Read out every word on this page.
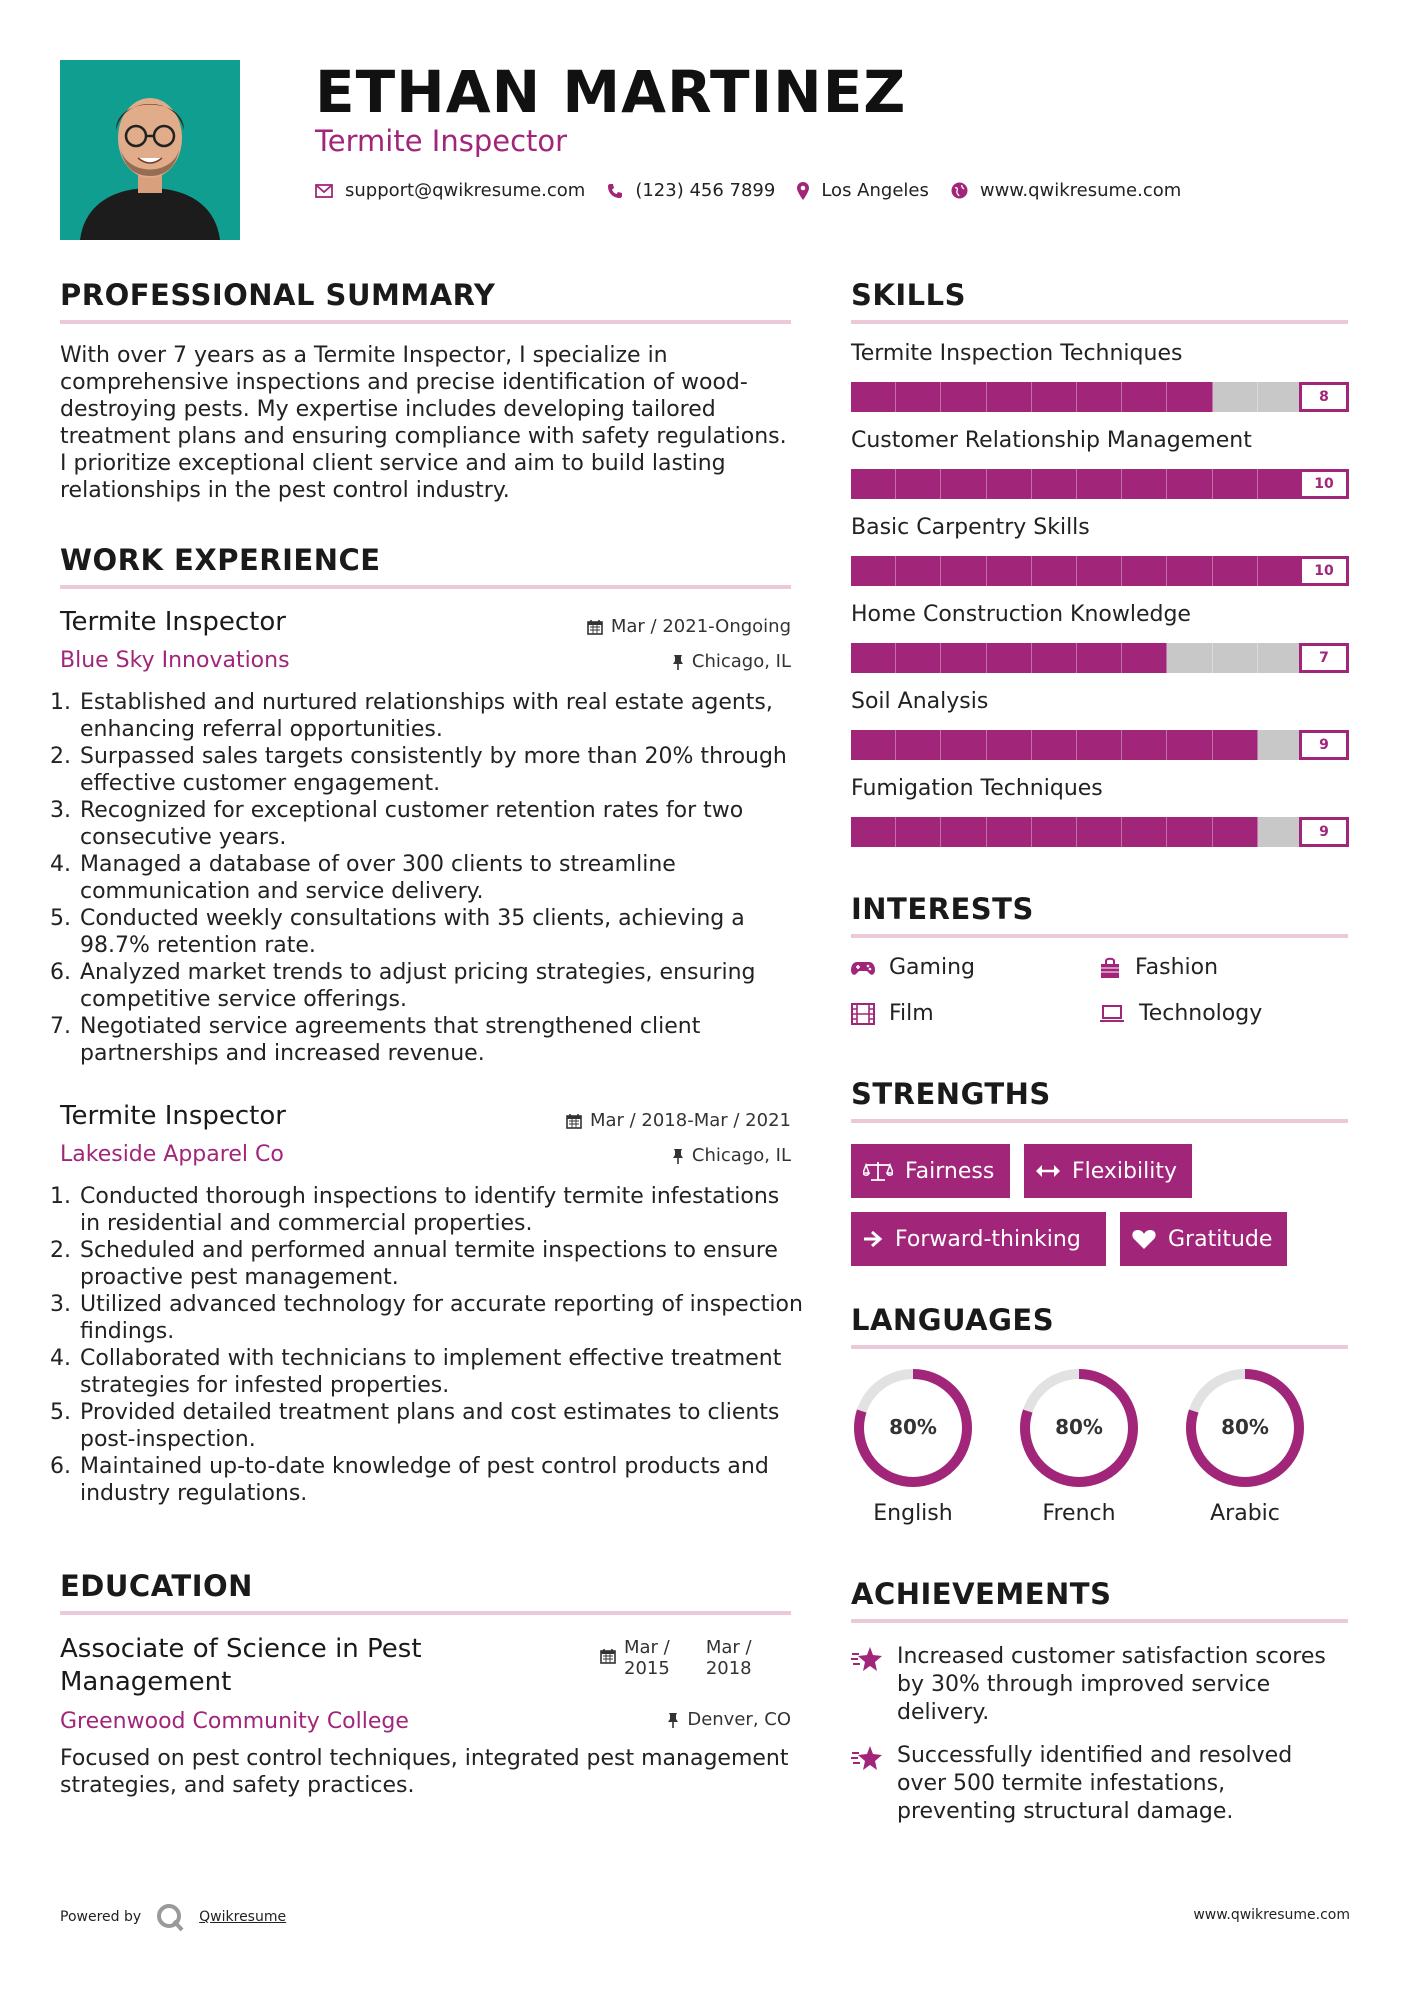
ETHAN MARTINEZ
Termite Inspector
support@qwikresume.com	(123) 456 7899	Los Angeles	www.qwikresume.com
PROFESSIONAL SUMMARY
With over 7 years as a Termite Inspector, I specialize in comprehensive inspections and precise identification of wood-destroying pests. My expertise includes developing tailored treatment plans and ensuring compliance with safety regulations. I prioritize exceptional client service and aim to build lasting relationships in the pest control industry.
WORK EXPERIENCE
Termite Inspector	Mar / 2021-Ongoing
Blue Sky Innovations	Chicago, IL
1. Established and nurtured relationships with real estate agents, enhancing referral opportunities.
2. Surpassed sales targets consistently by more than 20% through effective customer engagement.
3. Recognized for exceptional customer retention rates for two consecutive years.
4. Managed a database of over 300 clients to streamline communication and service delivery.
5. Conducted weekly consultations with 35 clients, achieving a 98.7% retention rate.
6. Analyzed market trends to adjust pricing strategies, ensuring competitive service offerings.
7. Negotiated service agreements that strengthened client partnerships and increased revenue.
Termite Inspector	Mar / 2018-Mar / 2021
Lakeside Apparel Co	Chicago, IL
1. Conducted thorough inspections to identify termite infestations in residential and commercial properties.
2. Scheduled and performed annual termite inspections to ensure proactive pest management.
3. Utilized advanced technology for accurate reporting of inspection findings.
4. Collaborated with technicians to implement effective treatment strategies for infested properties.
5. Provided detailed treatment plans and cost estimates to clients post-inspection.
6. Maintained up-to-date knowledge of pest control products and industry regulations.
EDUCATION
Associate of Science in Pest
Management
Mar /
2015
Mar /
2018
Greenwood Community College	Denver, CO
Focused on pest control techniques, integrated pest management strategies, and safety practices.
SKILLS
Termite Inspection Techniques
8
Customer Relationship Management
10
Basic Carpentry Skills
10
Home Construction Knowledge
7
Soil Analysis
9
Fumigation Techniques
9
INTERESTS
Gaming	Fashion
Film	Technology
STRENGTHS
Fairness	Flexibility
Forward-thinking	Gratitude
LANGUAGES
80%
English
80%
French
80%
Arabic
ACHIEVEMENTS
Increased customer satisfaction scores by 30% through improved service delivery.
Successfully identified and resolved over 500 termite infestations, preventing structural damage.
Powered by	Qwikresume	www.qwikresume.com
